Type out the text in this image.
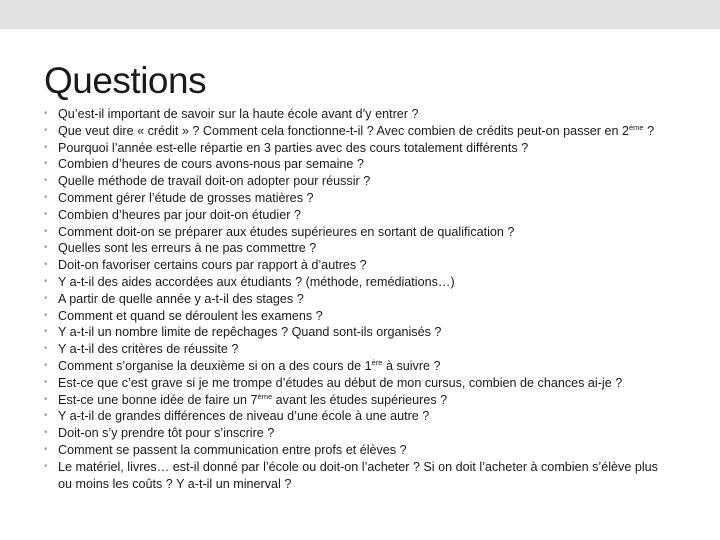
Questions
• Qu’est-il important de savoir sur la haute école avant d’y entrer ?
• Que veut dire « crédit » ? Comment cela fonctionne-t-il ? Avec combien de crédits peut-on passer en 2ème ?
• Pourquoi l’année est-elle répartie en 3 parties avec des cours totalement différents ?
• Combien d’heures de cours avons-nous par semaine ?
• Quelle méthode de travail doit-on adopter pour réussir ?
• Comment gérer l’étude de grosses matières ?
• Combien d’heures par jour doit-on étudier ?
• Comment doit-on se préparer aux études supérieures en sortant de qualification ?
• Quelles sont les erreurs à ne pas commettre ?
• Doit-on favoriser certains cours par rapport à d’autres ?
• Y a-t-il des aides accordées aux étudiants ? (méthode, remédiations…)
• A partir de quelle année y a-t-il des stages ?
• Comment et quand se déroulent les examens ?
• Y a-t-il un nombre limite de repêchages ? Quand sont-ils organisés ?
• Y a-t-il des critères de réussite ?
• Comment s’organise la deuxième si on a des cours de 1ère à suivre ?
• Est-ce que c’est grave si je me trompe d’études au début de mon cursus, combien de chances ai-je ?
• Est-ce une bonne idée de faire un 7ème avant les études supérieures ?
• Y a-t-il de grandes différences de niveau d’une école à une autre ?
• Doit-on s’y prendre tôt pour s’inscrire ?
• Comment se passent la communication entre profs et élèves ?
• Le matériel, livres… est-il donné par l’école ou doit-on l’acheter ? Si on doit l’acheter à combien s’élève plus ou moins les coûts ? Y a-t-il un minerval ?
